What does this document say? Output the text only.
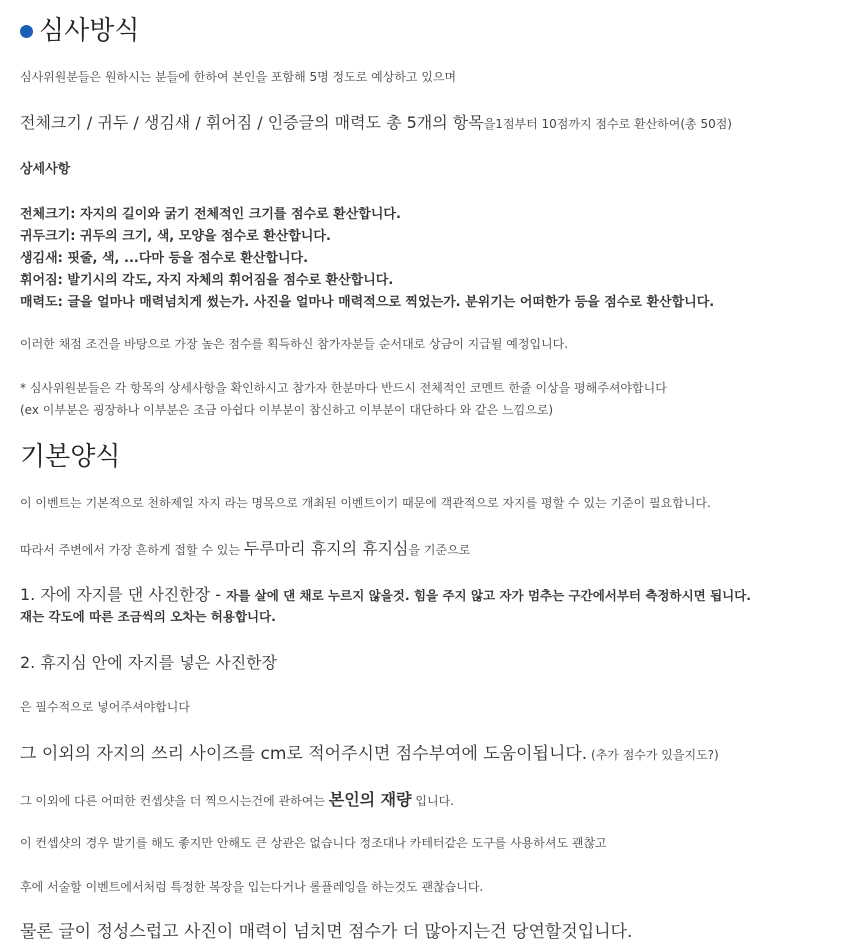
심사방식
심사위원분들은 원하시는 분들에 한하여 본인을 포함해 5명 정도로 예상하고 있으며
전체크기 / 귀두 / 생김새 / 휘어짐 / 인증글의 매력도 총 5개의 항목을1점부터 10점까지 점수로 환산하여(총 50점)
상세사항
전체크기: 자지의 길이와 굵기 전체적인 크기를 점수로 환산합니다.
귀두크기: 귀두의 크기, 색, 모양을 점수로 환산합니다.
생김새: 핏줄, 색, ...다마 등을 점수로 환산합니다.
휘어짐: 발기시의 각도, 자지 자체의 휘어짐을 점수로 환산합니다.
매력도: 글을 얼마나 매력넘치게 썼는가. 사진을 얼마나 매력적으로 찍었는가. 분위기는 어떠한가 등을 점수로 환산합니다.
이러한 채점 조건을 바탕으로 가장 높은 점수를 획득하신 참가자분들 순서대로 상금이 지급될 예정입니다.
* 심사위원분들은 각 항목의 상세사항을 확인하시고 참가자 한분마다 반드시 전체적인 코멘트 한줄 이상을 평해주셔야합니다
(ex 이부분은 굉장하나 이부분은 조금 아쉽다 이부분이 참신하고 이부분이 대단하다 와 같은 느낌으로)
기본양식
이 이벤트는 기본적으로 천하제일 자지 라는 명목으로 개최된 이벤트이기 때문에 객관적으로 자지를 평할 수 있는 기준이 필요합니다.
따라서 주변에서 가장 흔하게 접할 수 있는 두루마리 휴지의 휴지심을 기준으로
1. 자에 자지를 댄 사진한장 - 자를 살에 댄 채로 누르지 않을것. 힘을 주지 않고 자가 멈추는 구간에서부터 측정하시면 됩니다.
재는 각도에 따른 조금씩의 오차는 허용합니다.
2. 휴지심 안에 자지를 넣은 사진한장
은 필수적으로 넣어주셔야합니다
그 이외의 자지의 쓰리 사이즈를 cm로 적어주시면 점수부여에 도움이됩니다. (추가 점수가 있을지도?)
그 이외에 다른 어떠한 컨셉샷을 더 찍으시는건에 관하여는 본인의 재량 입니다.
이 컨셉샷의 경우 발기를 해도 좋지만 안해도 큰 상관은 없습니다 정조대나 카테터같은 도구를 사용하셔도 괜찮고
후에 서술할 이벤트에서처럼 특정한 복장을 입는다거나 롤플레잉을 하는것도 괜찮습니다.
물론 글이 정성스럽고 사진이 매력이 넘치면 점수가 더 많아지는건 당연할것입니다.
